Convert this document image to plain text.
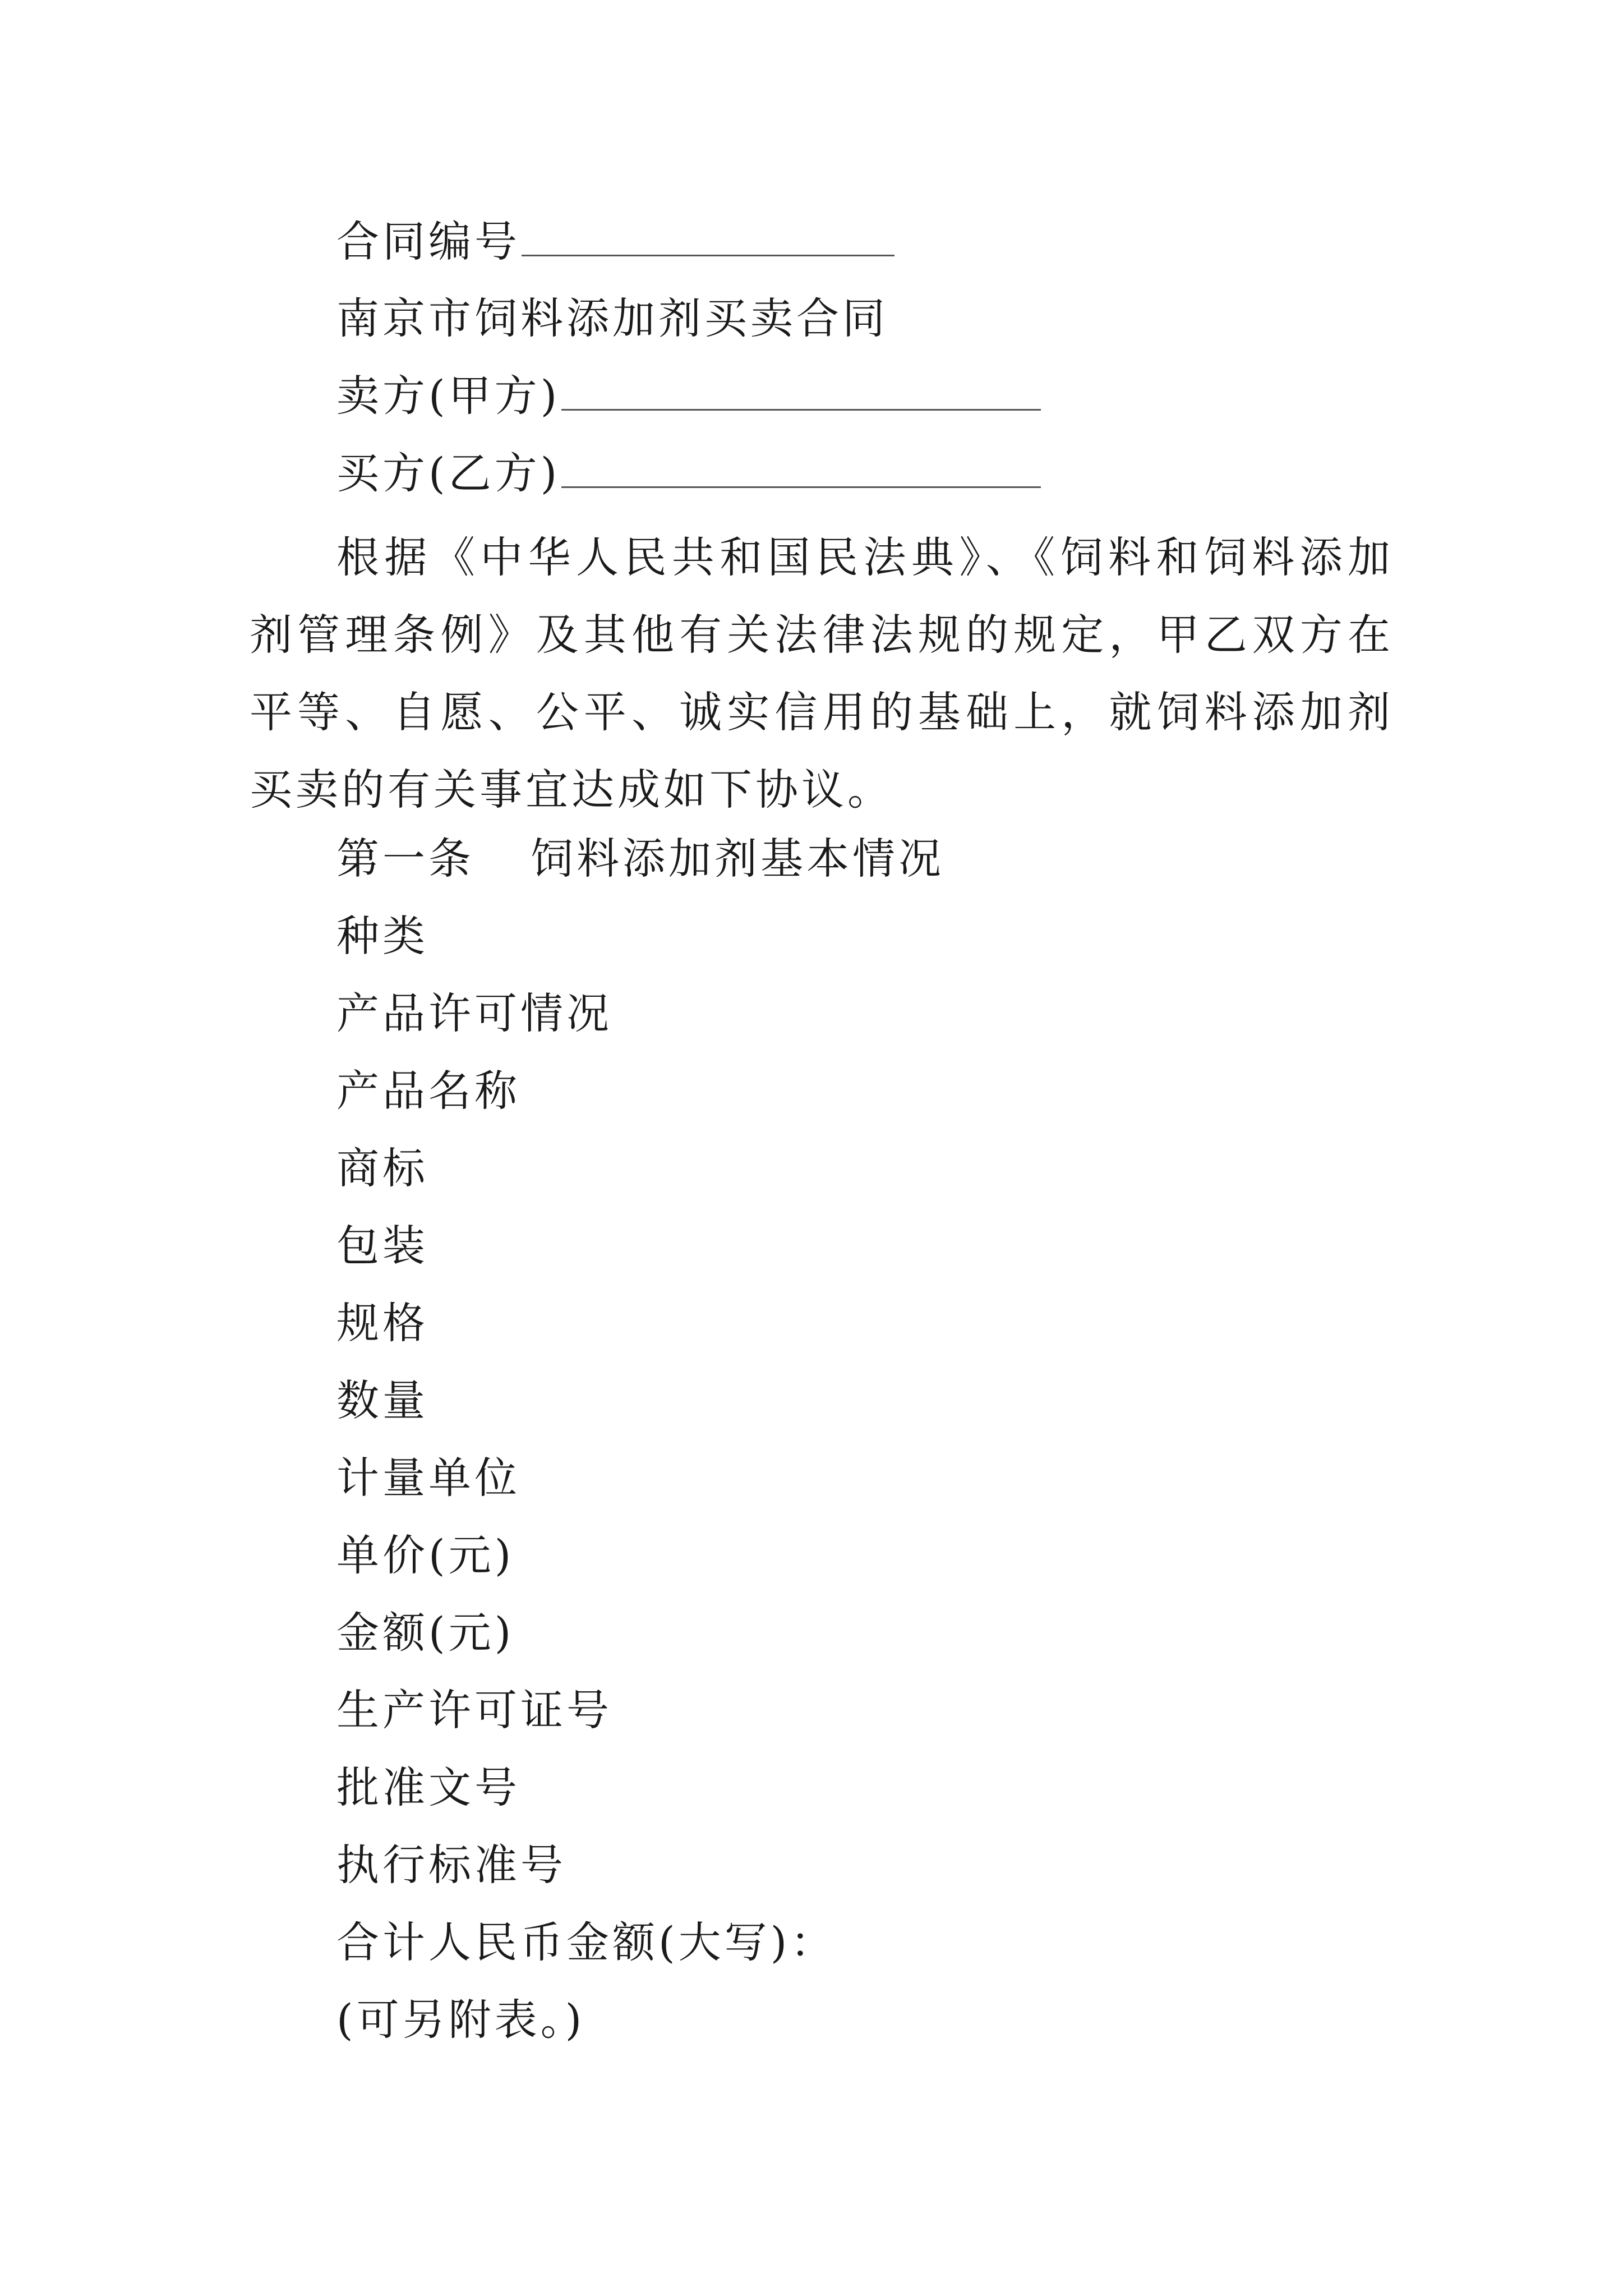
合同编号
南京市饲料添加剂买卖合同
卖方(甲方)
买方(乙方)
根据《中华人民共和国民法典》、《饲料和饲料添加剂管理条例》及其他有关法律法规的规定，甲乙双方在平等、自愿、公平、诚实信用的基础上，就饲料添加剂买卖的有关事宜达成如下协议。
第一条 饲料添加剂基本情况
种类
产品许可情况
产品名称
商标
包装
规格
数量
计量单位
单价(元)
金额(元)
生产许可证号
批准文号
执行标准号
合计人民币金额(大写)：
(可另附表。)
